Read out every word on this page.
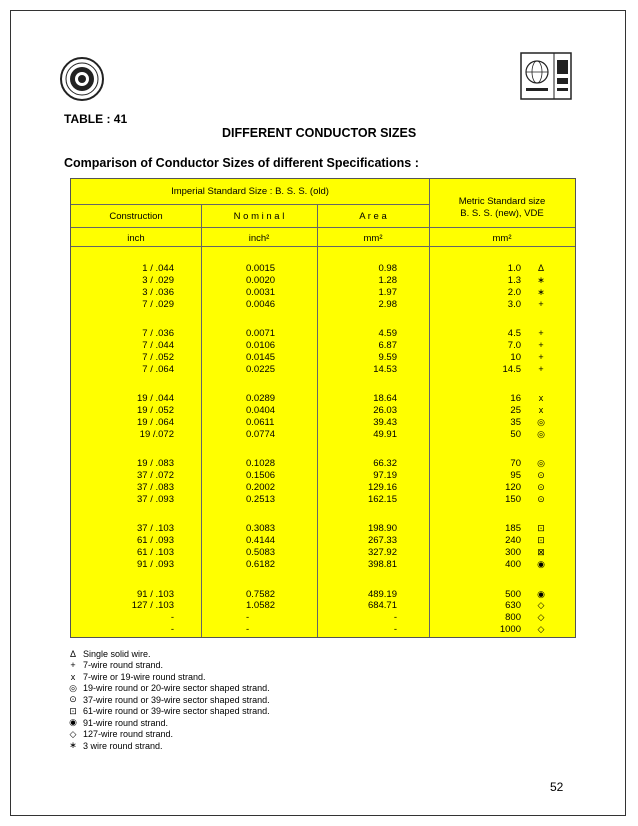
TABLE : 41
DIFFERENT CONDUCTOR SIZES
Comparison of Conductor Sizes of different Specifications :
Imperial Standard Size : B. S. S. (old)
Metric Standard size
B. S. S. (new), VDE
Construction	N o m i n a l	A r e a
inch	inch²	mm²	mm²
1 / .044	0.0015	0.98	1.0	Δ
3 / .029	0.0020	1.28	1.3	∗
3 / .036	0.0031	1.97	2.0	∗
7 / .029	0.0046	2.98	3.0	+
7 / .036	0.0071	4.59	4.5	+
7 / .044	0.0106	6.87	7.0	+
7 / .052	0.0145	9.59	10	+
7 / .064	0.0225	14.53	14.5	+
19 / .044	0.0289	18.64	16	x
19 / .052	0.0404	26.03	25	x
19 / .064	0.0611	39.43	35	◎
19 /.072	0.0774	49.91	50	◎
19 / .083	0.1028	66.32	70	◎
37 / .072	0.1506	97.19	95	⊙
37 / .083	0.2002	129.16	120	⊙
37 / .093	0.2513	162.15	150	⊙
37 / .103	0.3083	198.90	185	⊡
61 / .093	0.4144	267.33	240	⊡
61 / .103	0.5083	327.92	300	⊠
91 / .093	0.6182	398.81	400	◉
91 / .103	0.7582	489.19	500	◉
127 / .103	1.0582	684.71	630	◇
-	-	-	800	◇
-	-	-	1000	◇
Δ Single solid wire.
+ 7-wire round strand.
x 7-wire or 19-wire round strand.
◎ 19-wire round or 20-wire sector shaped strand.
⊙ 37-wire round or 39-wire sector shaped strand.
⊡ 61-wire round or 39-wire sector shaped strand.
◉ 91-wire round strand.
◇ 127-wire round strand.
∗ 3 wire round strand.
52
